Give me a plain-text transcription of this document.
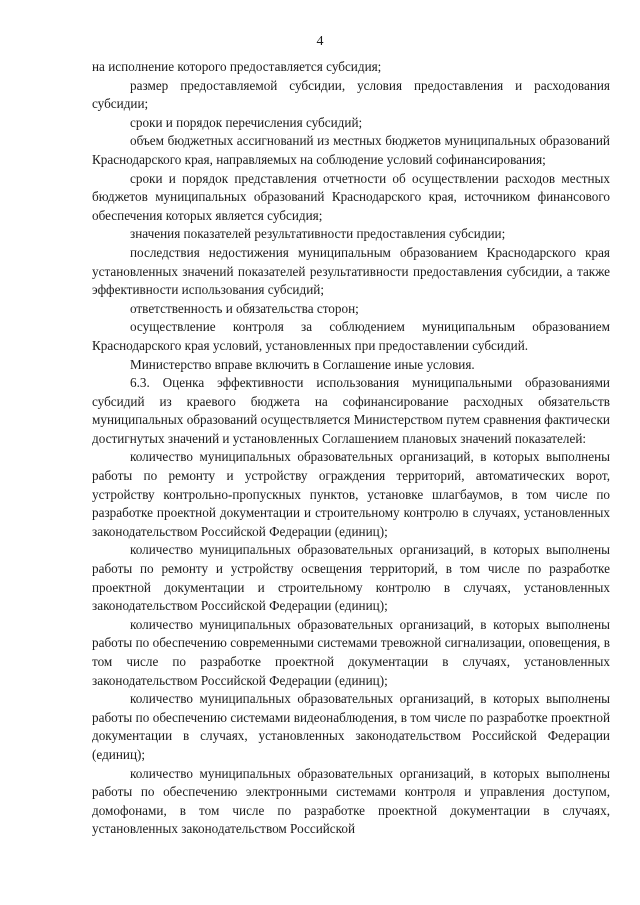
4

на исполнение которого предоставляется субсидия;

размер предоставляемой субсидии, условия предоставления и расходования субсидии;

сроки и порядок перечисления субсидий;

объем бюджетных ассигнований из местных бюджетов муниципальных образований Краснодарского края, направляемых на соблюдение условий софинансирования;

сроки и порядок представления отчетности об осуществлении расходов местных бюджетов муниципальных образований Краснодарского края, источником финансового обеспечения которых является субсидия;

значения показателей результативности предоставления субсидии;

последствия недостижения муниципальным образованием Краснодарского края установленных значений показателей результативности предоставления субсидии, а также эффективности использования субсидий;

ответственность и обязательства сторон;

осуществление контроля за соблюдением муниципальным образованием Краснодарского края условий, установленных при предоставлении субсидий.

Министерство вправе включить в Соглашение иные условия.

6.3. Оценка эффективности использования муниципальными образованиями субсидий из краевого бюджета на софинансирование расходных обязательств муниципальных образований осуществляется Министерством путем сравнения фактически достигнутых значений и установленных Соглашением плановых значений показателей:

количество муниципальных образовательных организаций, в которых выполнены работы по ремонту и устройству ограждения территорий, автоматических ворот, устройству контрольно-пропускных пунктов, установке шлагбаумов, в том числе по разработке проектной документации и строительному контролю в случаях, установленных законодательством Российской Федерации (единиц);

количество муниципальных образовательных организаций, в которых выполнены работы по ремонту и устройству освещения территорий, в том числе по разработке проектной документации и строительному контролю в случаях, установленных законодательством Российской Федерации (единиц);

количество муниципальных образовательных организаций, в которых выполнены работы по обеспечению современными системами тревожной сигнализации, оповещения, в том числе по разработке проектной документации в случаях, установленных законодательством Российской Федерации (единиц);

количество муниципальных образовательных организаций, в которых выполнены работы по обеспечению системами видеонаблюдения, в том числе по разработке проектной документации в случаях, установленных законодательством Российской Федерации (единиц);

количество муниципальных образовательных организаций, в которых выполнены работы по обеспечению электронными системами контроля и управления доступом, домофонами, в том числе по разработке проектной документации в случаях, установленных законодательством Российской
